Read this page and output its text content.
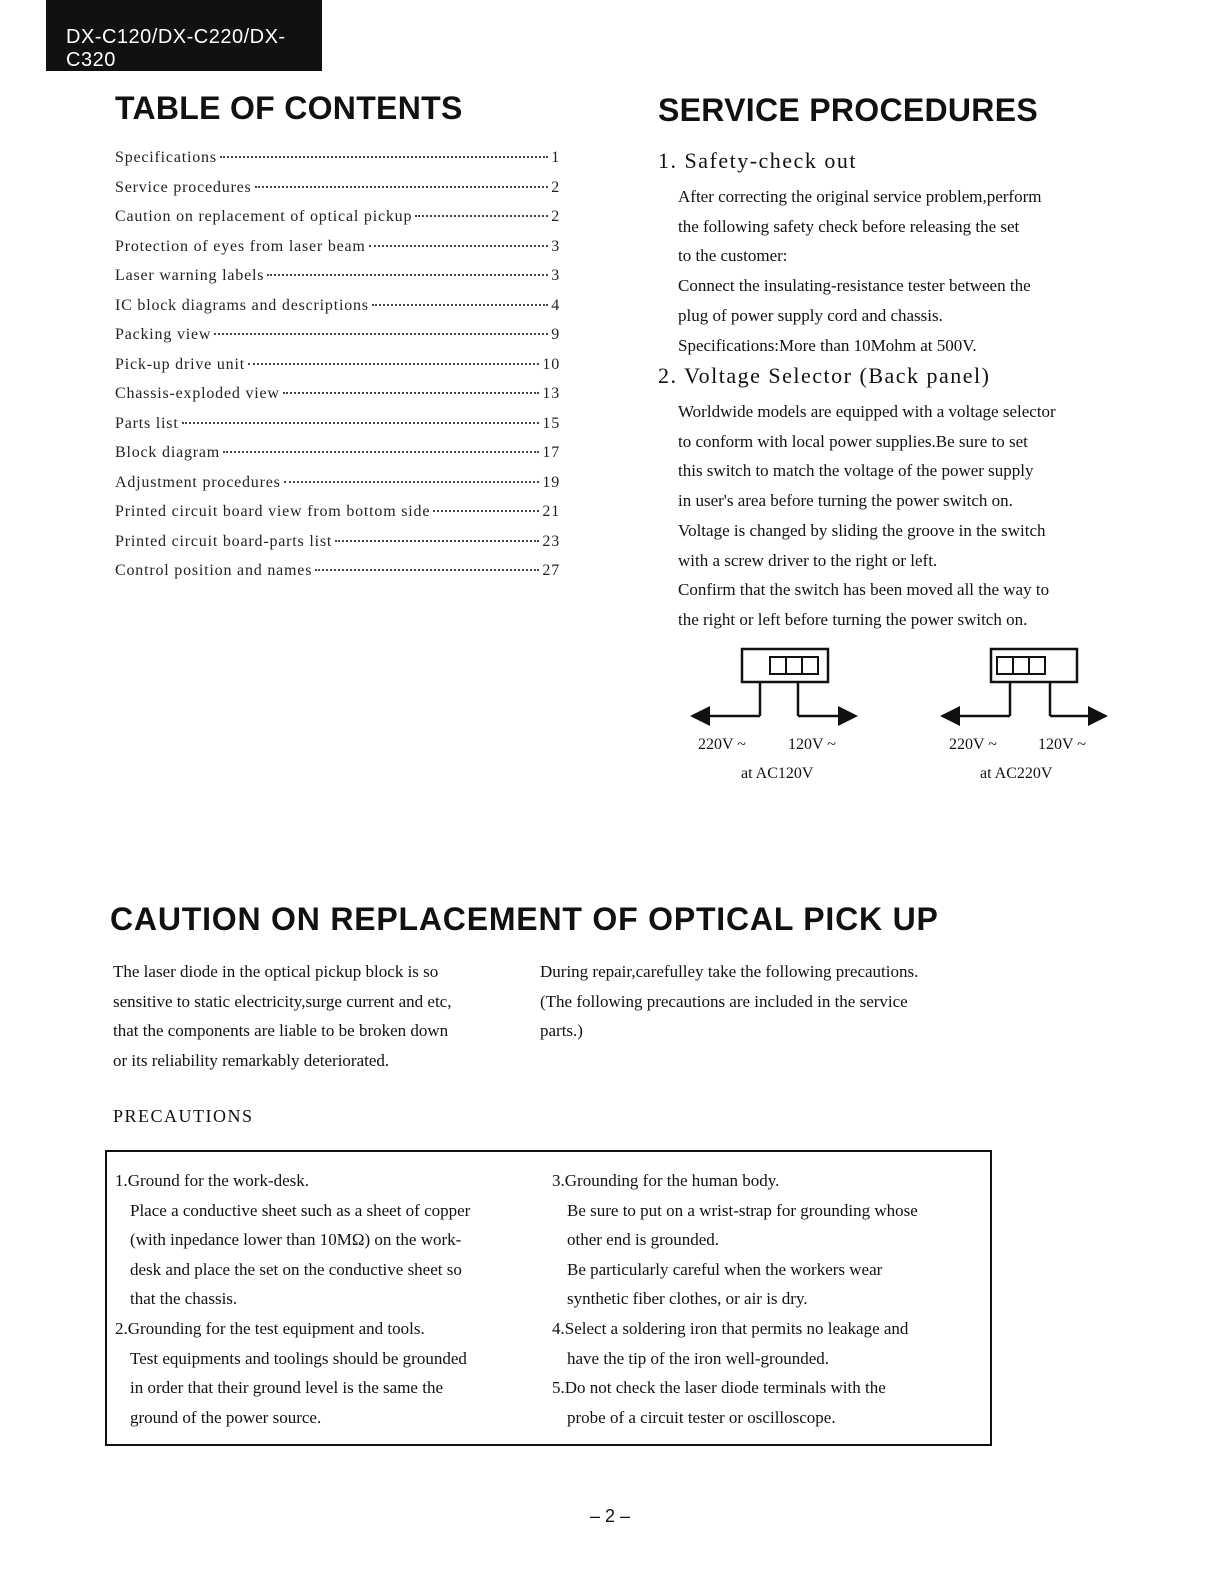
DX-C120/DX-C220/DX-C320
TABLE OF CONTENTS
Specifications	1
Service procedures	2
Caution on replacement of optical pickup	2
Protection of eyes from laser beam	3
Laser warning labels	3
IC block diagrams and descriptions	4
Packing view	9
Pick-up drive unit	10
Chassis-exploded view	13
Parts list	15
Block diagram	17
Adjustment procedures	19
Printed circuit board view from bottom side	21
Printed circuit board-parts list	23
Control position and names	27
SERVICE PROCEDURES
1. Safety-check out
After correcting the original service problem,perform
the following safety check before releasing the set
to the customer:
Connect the insulating-resistance tester between the
plug of power supply cord and chassis.
Specifications:More than 10Mohm at 500V.
2. Voltage Selector (Back panel)
Worldwide models are equipped with a voltage selector
to conform with local power supplies.Be sure to set
this switch to match the voltage of the power supply
in user's area before turning the power switch on.
Voltage is changed by sliding the groove in the switch
with a screw driver to the right or left.
Confirm that the switch has been moved all the way to
the right or left before turning the power switch on.
220V ~	120V ~
at AC120V
220V ~	120V ~
at AC220V
CAUTION ON REPLACEMENT OF OPTICAL PICK UP
The laser diode in the optical pickup block is so
sensitive to static electricity,surge current and etc,
that the components are liable to be broken down
or its reliability remarkably deteriorated.
During repair,carefulley take the following precautions.
(The following precautions are included in the service
parts.)
PRECAUTIONS
1.Ground for the work-desk.
Place a conductive sheet such as a sheet of copper
(with inpedance lower than 10MΩ) on the work-
desk and place the set on the conductive sheet so
that the chassis.
2.Grounding for the test equipment and tools.
Test equipments and toolings should be grounded
in order that their ground level is the same the
ground of the power source.
3.Grounding for the human body.
Be sure to put on a wrist-strap for grounding whose
other end is grounded.
Be particularly careful when the workers wear
synthetic fiber clothes, or air is dry.
4.Select a soldering iron that permits no leakage and
have the tip of the iron well-grounded.
5.Do not check the laser diode terminals with the
probe of a circuit tester or oscilloscope.
– 2 –
